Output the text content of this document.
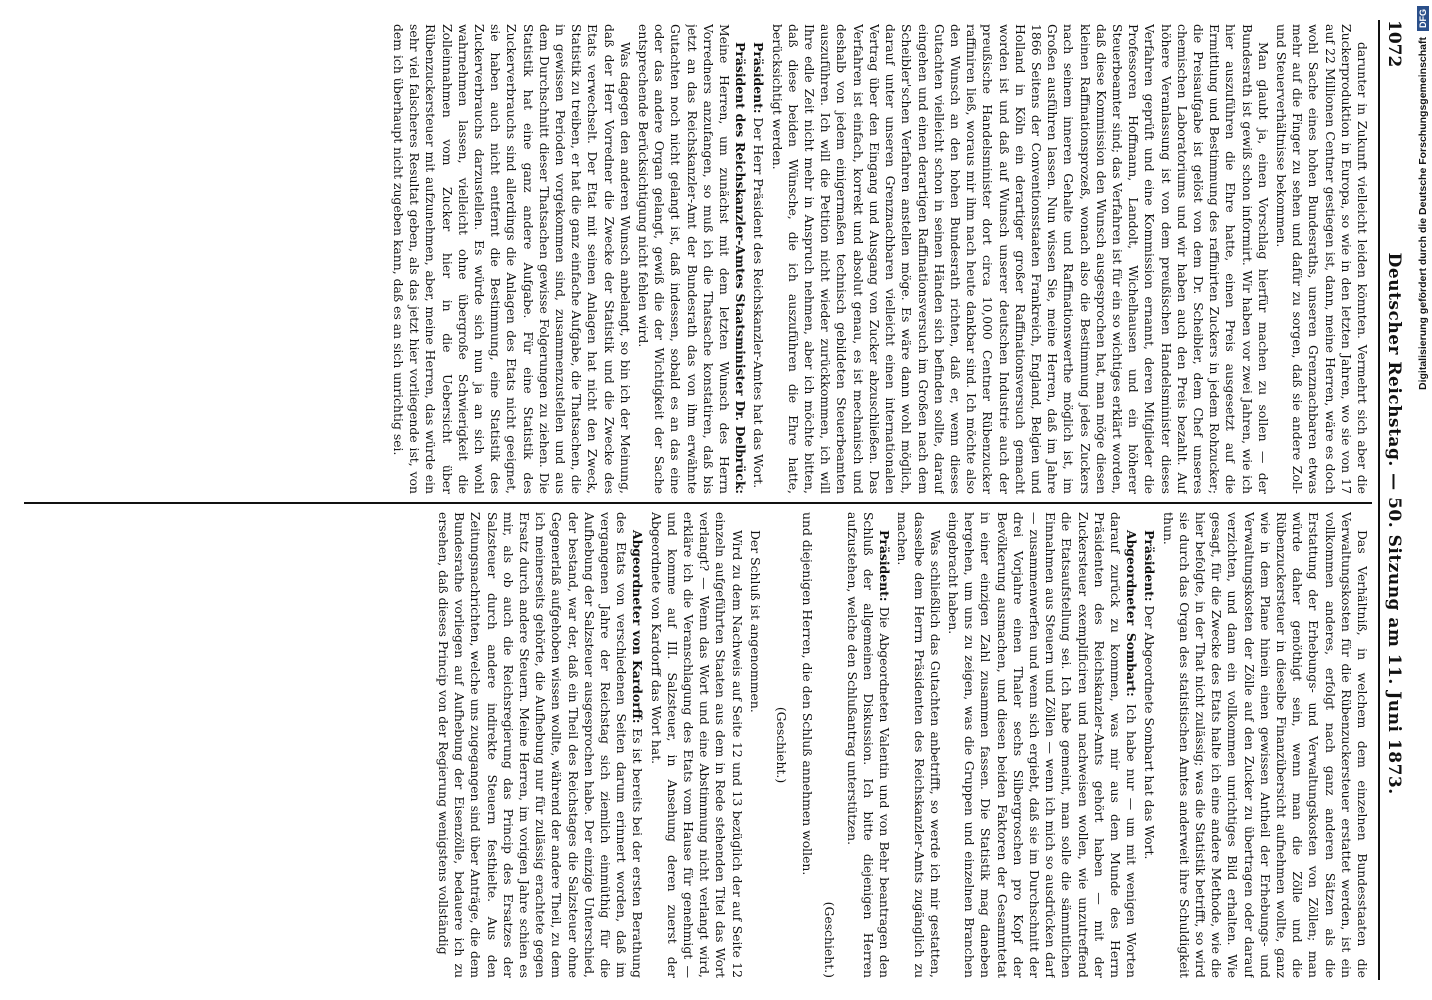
1072
Deutscher Reichstag. — 50. Sitzung am 11. Juni 1873.

darunter in Zukunft vielleicht leiden könnten. Vermehrt sich aber die Zuckerproduktion in Europa, so wie in den letzten Jahren, wo sie von 17 auf 22 Millionen Centner gestiegen ist, dann, meine Herren, wäre es doch wohl Sache eines hohen Bundesraths, unseren Grenznachbaren etwas mehr auf die Finger zu sehen und dafür zu sorgen, daß sie andere Zoll- und Steuerverhältnisse bekommen.

Man glaubt ja, einen Vorschlag hierfür machen zu sollen — der Bundesrath ist gewiß schon informirt. Wir haben vor zwei Jahren, wie ich hier auszuführen die Ehre hatte, einen Preis ausgesetzt auf die Ermittlung und Bestimmung des raffinirten Zuckers in jedem Rohzucker; die Preisaufgabe ist gelöst von dem Dr. Scheibler, dem Chef unseres chemischen Laboratoriums und wir haben auch den Preis bezahlt. Auf höhere Veranlassung ist von dem preußischen Handelsminister dieses Verfahren geprüft und eine Kommission ernannt, deren Mitglieder die Professoren Hoffmann, Landolt, Wichelhausen und ein höherer Steuerbeamter sind; das Verfahren ist für ein so wichtiges erklärt worden, daß diese Kommission den Wunsch ausgesprochen hat, man möge diesen kleinen Raffinationsprozeß, wonach also die Bestimmung jedes Zuckers nach seinem inneren Gehalte und Raffinationswerthe möglich ist, im Großen ausführen lassen. Nun wissen Sie, meine Herren, daß im Jahre 1866 Seitens der Conventionsstaaten Frankreich, England, Belgien und Holland in Köln ein derartiger großer Raffinationsversuch gemacht worden ist und daß auf Wunsch unserer deutschen Industrie auch der preußische Handelsminister dort circa 10,000 Centner Rübenzucker raffiniren ließ, woraus mir ihm nach heute dankbar sind. Ich möchte also den Wunsch an den hohen Bundesrath richten, daß er, wenn dieses Gutachten vielleicht schon in seinen Händen sich befinden sollte, darauf eingehen und einen derartigen Raffinationsversuch im Großen nach dem Scheibler'schen Verfahren anstellen möge. Es wäre dann wohl möglich, darauf unter unseren Grenznachbaren vielleicht einen internationalen Vertrag über den Eingang und Ausgang von Zucker abzuschließen. Das Verfahren ist einfach, korrekt und absolut genau, es ist mechanisch und deshalb von jedem einigermaßen technisch gebildeten Steuerbeamten auszuführen. Ich will die Petition nicht wieder zurückkommen, ich will Ihre edle Zeit nicht mehr in Anspruch nehmen, aber ich möchte bitten, daß diese beiden Wünsche, die ich auszuführen die Ehre hatte, berücksichtigt werden.

Präsident: Der Herr Präsident des Reichskanzler-Amtes hat das Wort.

Präsident des Reichskanzler-Amtes Staatsminister Dr. Delbrück: Meine Herren, um zunächst mit dem letzten Wunsch des Herrn Vorredners anzufangen, so muß ich die Thatsache konstatiren, daß bis jetzt an das Reichskanzler-Amt der Bundesrath das von ihm erwähnte Gutachten noch nicht gelangt ist, daß indessen, sobald es an das eine oder das andere Organ gelangt, gewiß die der Wichtigkeit der Sache entsprechende Berücksichtigung nicht fehlen wird.

Was dagegen den anderen Wunsch anbelangt, so bin ich der Meinung, daß der Herr Vorredner die Zwecke der Statistik und die Zwecke des Etats verwechselt. Der Etat mit seinen Anlagen hat nicht den Zweck, Statistik zu treiben, er hat die ganz einfache Aufgabe, die Thatsachen, die in gewissen Perioden vorgekommen sind, zusammenzustellen und aus dem Durchschnitt dieser Thatsachen gewisse Folgerungen zu ziehen. Die Statistik hat eine ganz andere Aufgabe. Für eine Statistik des Zuckerverbrauchs sind allerdings die Anlagen des Etats nicht geeignet, sie haben auch nicht entfernt die Bestimmung, eine Statistik des Zuckerverbrauchs darzustellen. Es würde sich nun ja an sich wohl wahrnehmen lassen, vielleicht ohne übergroße Schwierigkeit die Zolleinnahmen vom Zucker hier in die Uebersicht über Rübenzuckersteuer mit aufzunehmen, aber, meine Herren, das würde ein sehr viel falscheres Resultat geben, als das jetzt hier vorliegende ist, von dem ich überhaupt nicht zugeben kann, daß es an sich unrichtig sei.

Das Verhältniß, in welchem dem einzelnen Bundesstaaten die Verwaltungskosten für die Rübenzuckersteuer erstattet werden, ist ein vollkommen anderes, erfolgt nach ganz anderen Sätzen als die Erstattung der Erhebungs- und Verwaltungskosten von Zöllen; man würde daher genöthigt sein, wenn man die Zölle und die Rübenzuckersteuer in dieselbe Finanzübersicht aufnehmen wollte, ganz wie in dem Plane hinein einen gewissen Antheil der Erhebungs- und Verwaltungskosten der Zölle auf den Zucker zu übertragen oder darauf verzichten, und dann ein vollkommen unrichtiges Bild erhalten. Wie gesagt, für die Zwecke des Etats halte ich eine andere Methode, wie die hier befolgte, in der That nicht zulässig; was die Statistik betrifft, so wird sie durch das Organ des statistischen Amtes anderweit ihre Schuldigkeit thun.

Präsident: Der Abgeordnete Sombart hat das Wort.

Abgeordneter Sombart: Ich habe nur — um mit wenigen Worten darauf zurück zu kommen, was mir aus dem Munde des Herrn Präsidenten des Reichskanzler-Amts gehört haben — mit der Zuckersteuer exemplificiren und nachweisen wollen, wie unzutreffend die Etatsaufstellung sei. Ich habe gemeint, man solle die sämmtlichen Einnahmen aus Steuern und Zöllen — wenn ich mich so ausdrücken darf — zusammenwerfen und wenn sich ergiebt, daß sie im Durchschnitt der drei Vorjahre einen Thaler sechs Silbergroschen pro Kopf der Bevölkerung ausmachen, und diesen beiden Faktoren der Gesammtetat in einer einzigen Zahl zusammen fassen. Die Statistik mag daneben hergehen, um uns zu zeigen, was die Gruppen und einzelnen Branchen eingebracht haben.

Was schließlich das Gutachten anbetrifft, so werde ich mir gestatten, dasselbe dem Herrn Präsidenten des Reichskanzler-Amts zugänglich zu machen.

Präsident: Die Abgeordneten Valentin und von Behr beantragen den Schluß der allgemeinen Diskussion. Ich bitte diejenigen Herren aufzustehen, welche den Schlußantrag unterstützen.

(Geschieht.)

und diejenigen Herren, die den Schluß annehmen wollen.

(Geschieht.)

Der Schluß ist angenommen.

Wird zu dem Nachweis auf Seite 12 und 13 bezüglich der auf Seite 12 einzeln aufgeführten Staaten aus dem in Rede stehenden Titel das Wort verlangt? — Wenn das Wort und eine Abstimmung nicht verlangt wird, erkläre ich die Veranschlagung des Etats vom Hause für genehmigt — und komme auf III. Salzsteuer, in Ansehung deren zuerst der Abgeordnete von Kardorff das Wort hat.

Abgeordneter von Kardorff: Es ist bereits bei der ersten Berathung des Etats von verschiedenen Seiten darum erinnert worden, daß im vergangenen Jahre der Reichstag sich ziemlich einmüthig für die Aufhebung der Salzsteuer ausgesprochen habe. Der einzige Unterschied, der bestand, war der, daß ein Theil des Reichstages die Salzsteuer ohne Gegenerlaß aufgehoben wissen wollte, während der andere Theil, zu dem ich meinerseits gehörte, die Aufhebung nur für zulässig erachtete gegen Ersatz durch andere Steuern. Meine Herren, im vorigen Jahre schien es mir, als ob auch die Reichsregierung das Princip des Ersatzes der Salzsteuer durch andere indirekte Steuern festhielte. Aus den Zeitungsnachrichten, welche uns zugegangen sind über Anträge, die dem Bundesrathe vorliegen auf Aufhebung der Eisenzölle, bedauere ich zu ersehen, daß dieses Princip von der Regierung wenigstens vollständig

Digitalisierung gefördert durch die Deutsche Forschungsgemeinschaft
DFG
